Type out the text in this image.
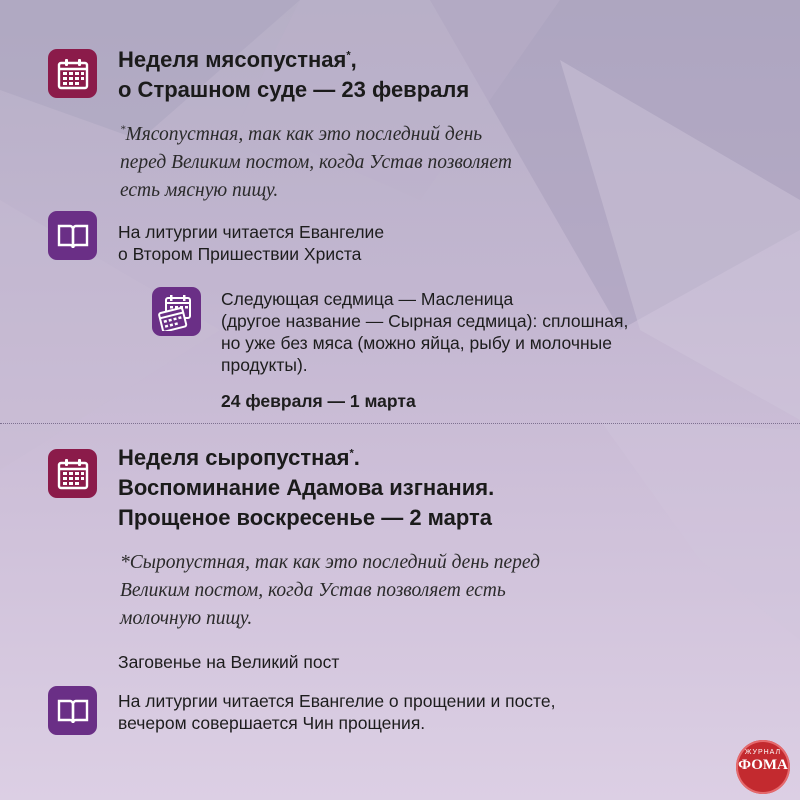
Неделя мясопустная*,
о Страшном суде — 23 февраля
*Мясопустная, так как это последний день
перед Великим постом, когда Устав позволяет
есть мясную пищу.
На литургии читается Евангелие
о Втором Пришествии Христа
Следующая седмица — Масленица
(другое название — Сырная седмица): сплошная,
но уже без мяса (можно яйца, рыбу и молочные
продукты).
24 февраля — 1 марта
Неделя сыропустная*.
Воспоминание Адамова изгнания.
Прощеное воскресенье — 2 марта
*Сыропустная, так как это последний день перед
Великим постом, когда Устав позволяет есть
молочную пищу.
Заговенье на Великий пост
На литургии читается Евангелие о прощении и посте,
вечером совершается Чин прощения.
ЖУРНАЛ
ФОМА
